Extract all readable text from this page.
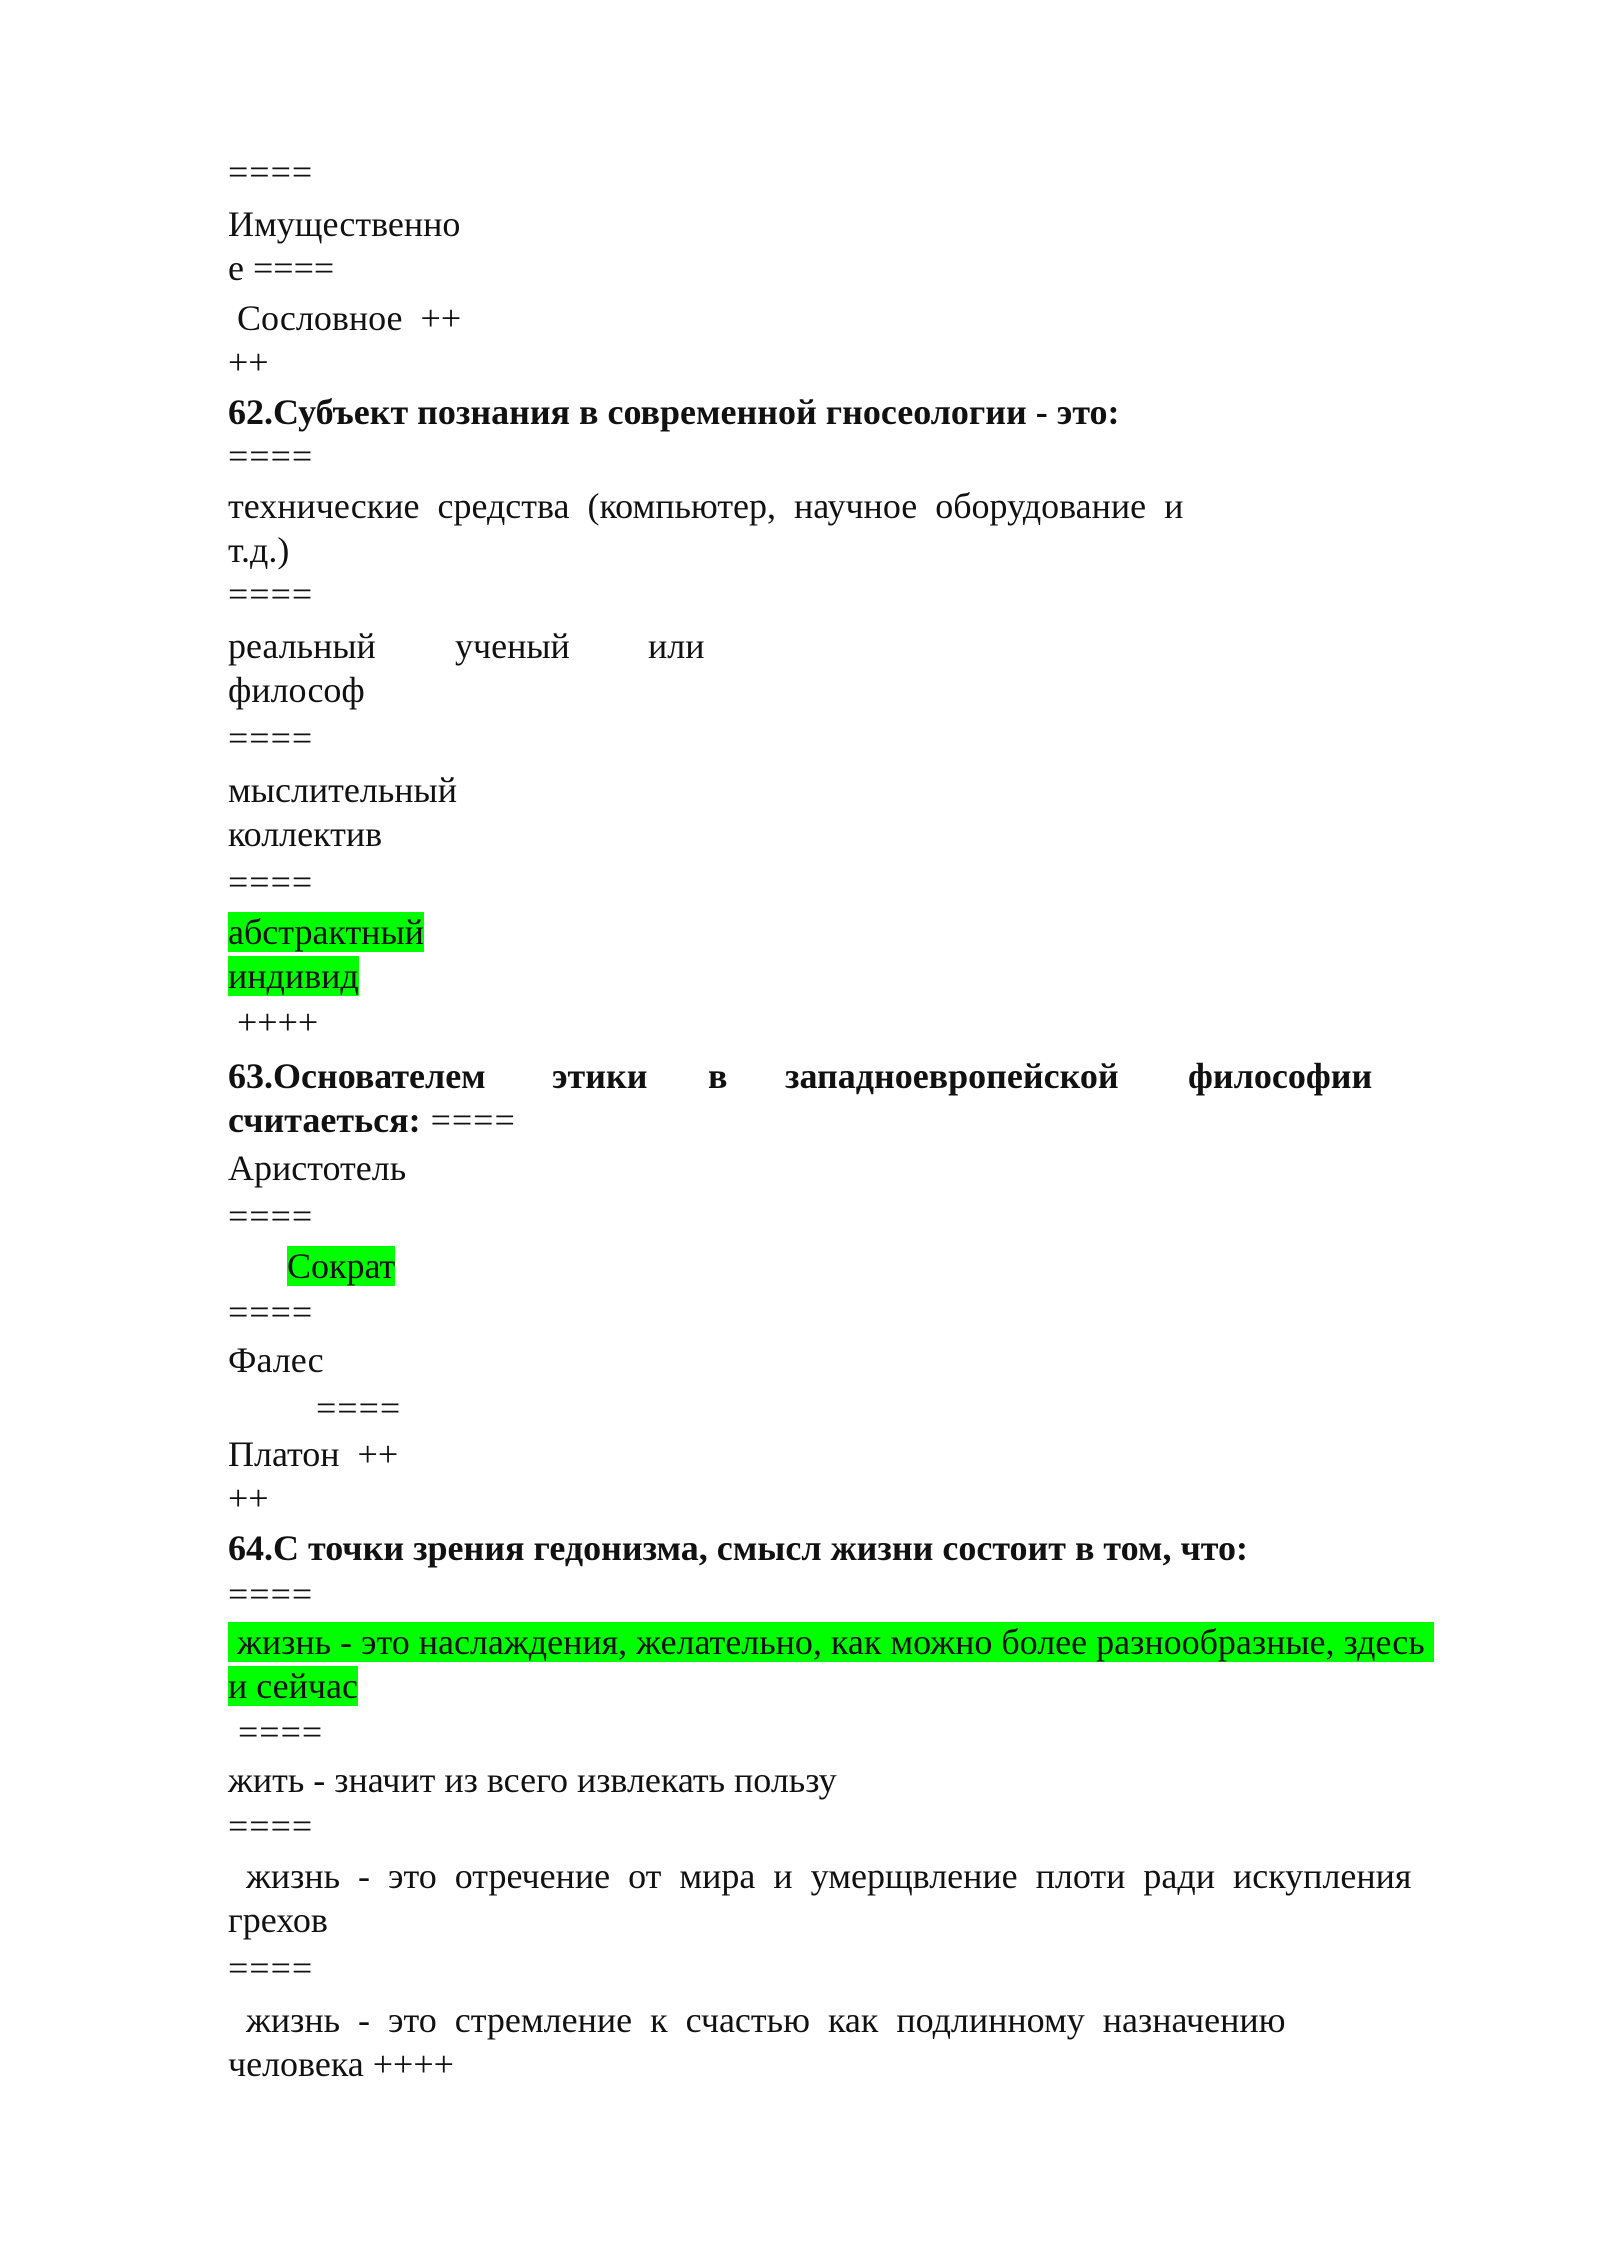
====
Имущественно
е ====
Сословное  ++
++
62.Субъект познания в современной гносеологии - это:
====
технические  средства  (компьютер,  научное  оборудование  и
т.д.)
====
реальный ученый или
философ
====
мыслительный
коллектив
====
абстрактный
индивид
++++
63.Основателем этики в западноевропейской философии
считаеться: ====
Аристотель
====
Сократ
====
Фалес
====
Платон  ++
++
64.С точки зрения гедонизма, смысл жизни состоит в том, что:
====
жизнь - это наслаждения, желательно, как можно более разнообразные, здесь
и сейчас
====
жить - значит из всего извлекать пользу
====
жизнь  -  это  отречение  от  мира  и  умерщвление  плоти  ради  искупления
грехов
====
жизнь  -  это  стремление  к  счастью  как  подлинному  назначению
человека ++++
